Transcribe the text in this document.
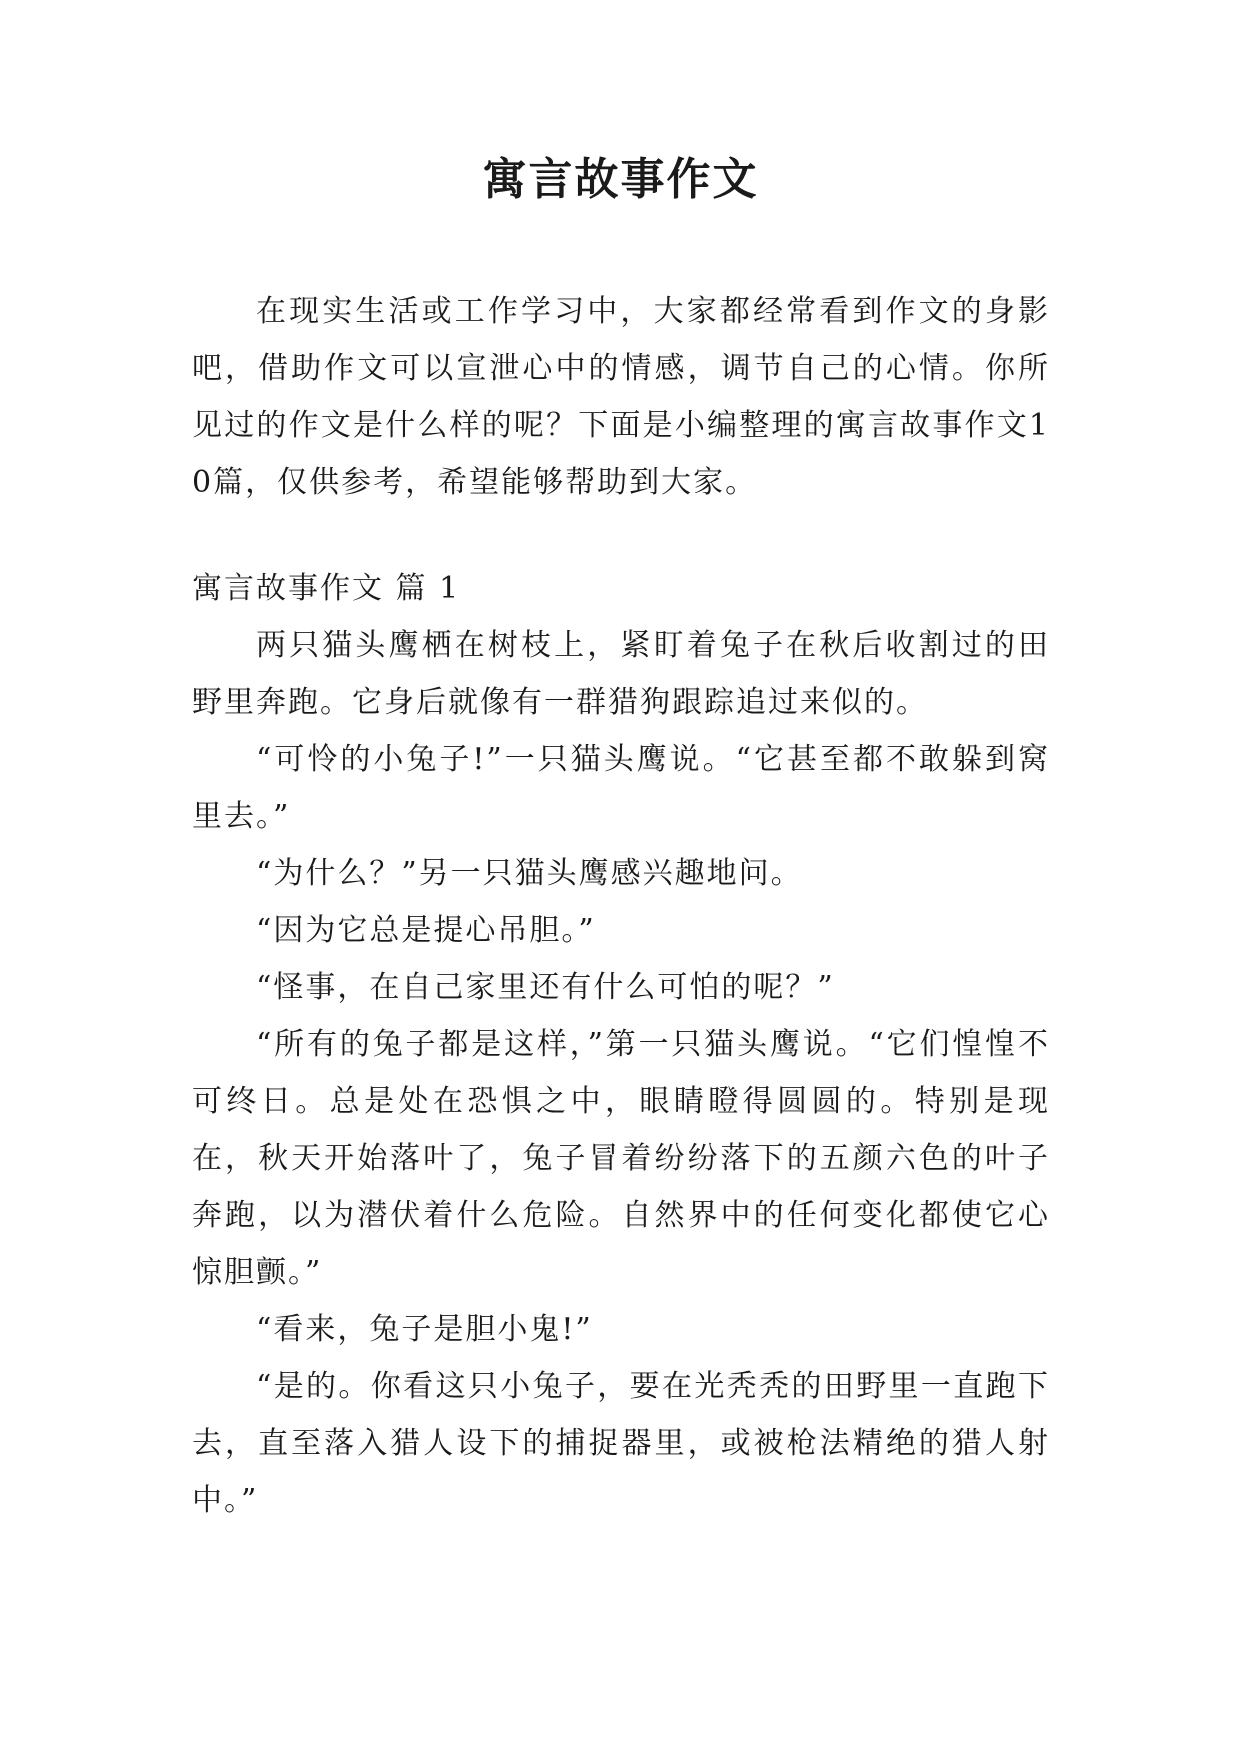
寓言故事作文

在现实生活或工作学习中，大家都经常看到作文的身影吧，借助作文可以宣泄心中的情感，调节自己的心情。你所见过的作文是什么样的呢？下面是小编整理的寓言故事作文10篇，仅供参考，希望能够帮助到大家。

寓言故事作文 篇 1

两只猫头鹰栖在树枝上，紧盯着兔子在秋后收割过的田野里奔跑。它身后就像有一群猎狗跟踪追过来似的。

“可怜的小兔子!”一只猫头鹰说。“它甚至都不敢躲到窝里去。”

“为什么？”另一只猫头鹰感兴趣地问。

“因为它总是提心吊胆。”

“怪事，在自己家里还有什么可怕的呢？”

“所有的兔子都是这样，”第一只猫头鹰说。“它们惶惶不可终日。总是处在恐惧之中，眼睛瞪得圆圆的。特别是现在，秋天开始落叶了，兔子冒着纷纷落下的五颜六色的叶子奔跑，以为潜伏着什么危险。自然界中的任何变化都使它心惊胆颤。”

“看来，兔子是胆小鬼!”

“是的。你看这只小兔子，要在光秃秃的田野里一直跑下去，直至落入猎人设下的捕捉器里，或被枪法精绝的猎人射中。”
